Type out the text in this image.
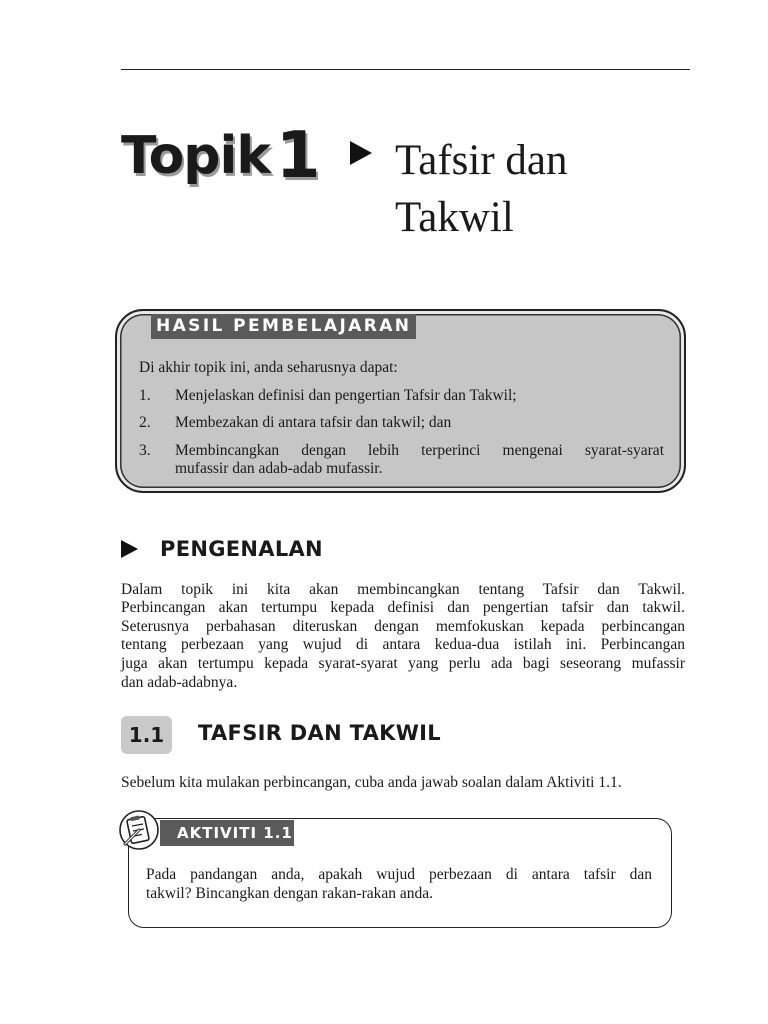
Topik1 Tafsir dan
Takwil
HASIL PEMBELAJARAN
Di akhir topik ini, anda seharusnya dapat:
1. Menjelaskan definisi dan pengertian Tafsir dan Takwil;
2. Membezakan di antara tafsir dan takwil; dan
3. Membincangkan dengan lebih terperinci mengenai syarat-syarat
mufassir dan adab-adab mufassir.
PENGENALAN
Dalam topik ini kita akan membincangkan tentang Tafsir dan Takwil.
Perbincangan akan tertumpu kepada definisi dan pengertian tafsir dan takwil.
Seterusnya perbahasan diteruskan dengan memfokuskan kepada perbincangan
tentang perbezaan yang wujud di antara kedua-dua istilah ini. Perbincangan
juga akan tertumpu kepada syarat-syarat yang perlu ada bagi seseorang mufassir
dan adab-adabnya.
1.1	TAFSIR DAN TAKWIL
Sebelum kita mulakan perbincangan, cuba anda jawab soalan dalam Aktiviti 1.1.
AKTIVITI 1.1
Pada pandangan anda, apakah wujud perbezaan di antara tafsir dan
takwil? Bincangkan dengan rakan-rakan anda.
